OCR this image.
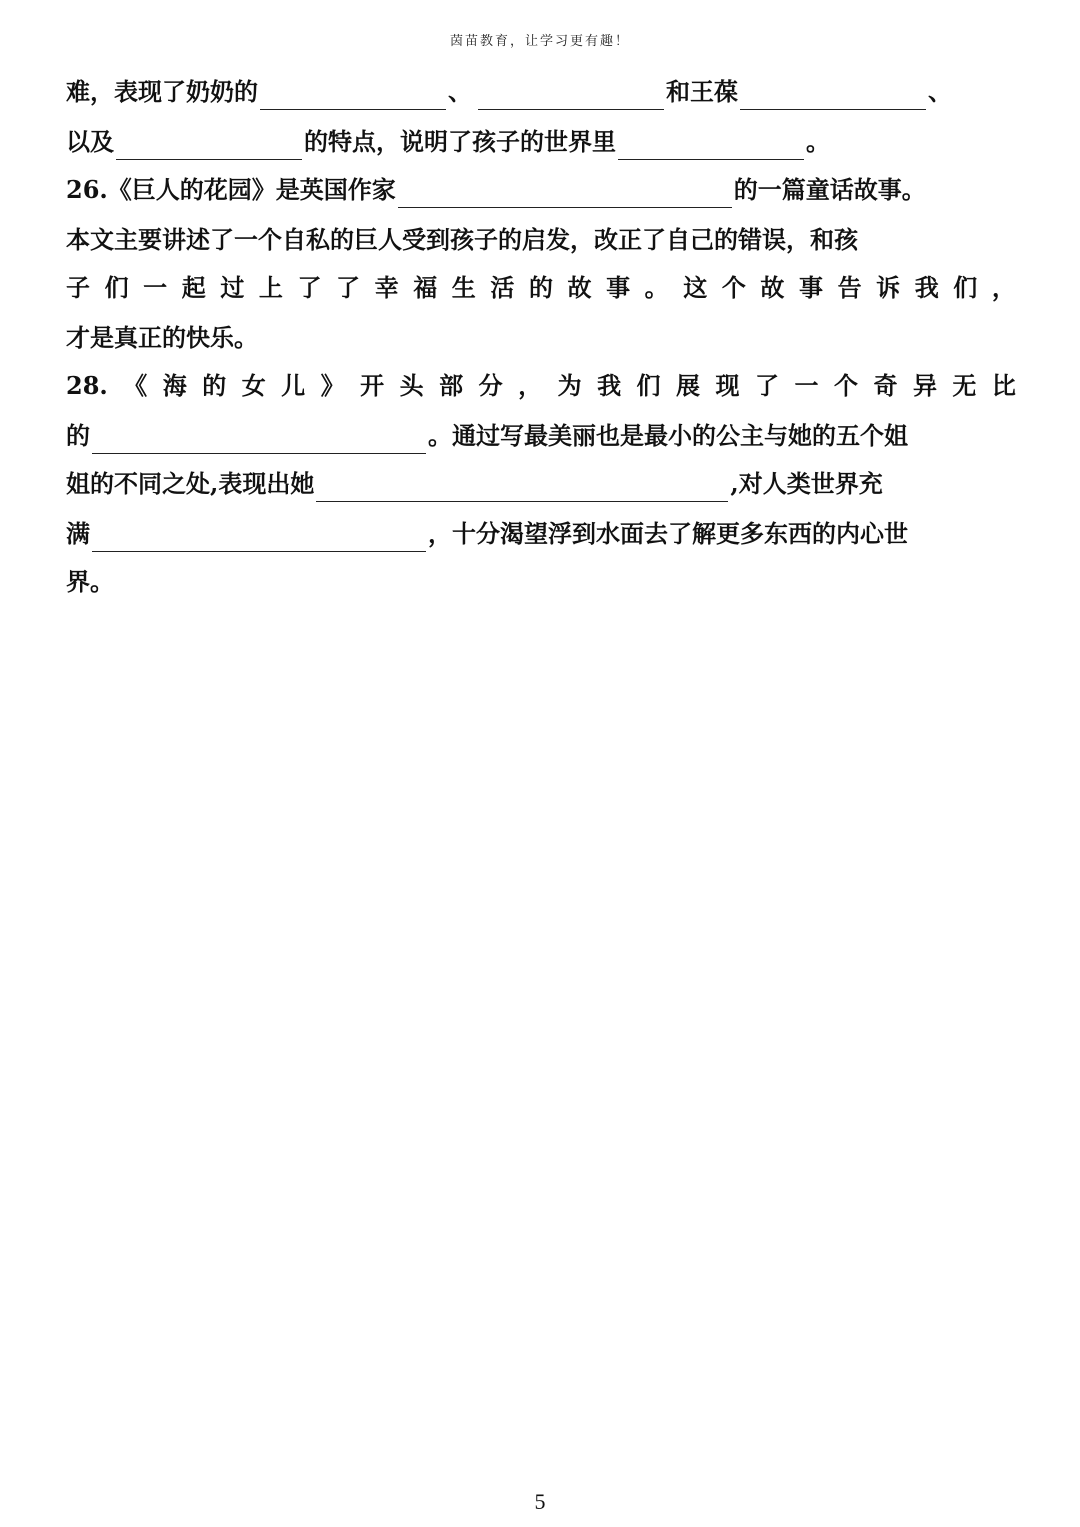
茵苗教育，让学习更有趣！
难，表现了奶奶的	、	和王葆	、
以及	的特点，说明了孩子的世界里	。
26.《巨人的花园》是英国作家	的一篇童话故事。
本文主要讲述了一个自私的巨人受到孩子的启发，改正了自己的错误，和孩
子 们 一 起 过 上 了 了 幸 福 生 活 的 故 事 。 这 个 故 事 告 诉 我 们 ，
才是真正的快乐。
28. 《 海 的 女 儿 》 开 头 部 分 ， 为 我 们 展 现 了 一 个 奇 异 无 比
的	。通过写最美丽也是最小的公主与她的五个姐
姐的不同之处,表现出她	,对人类世界充
满	，十分渴望浮到水面去了解更多东西的内心世
界。
5
